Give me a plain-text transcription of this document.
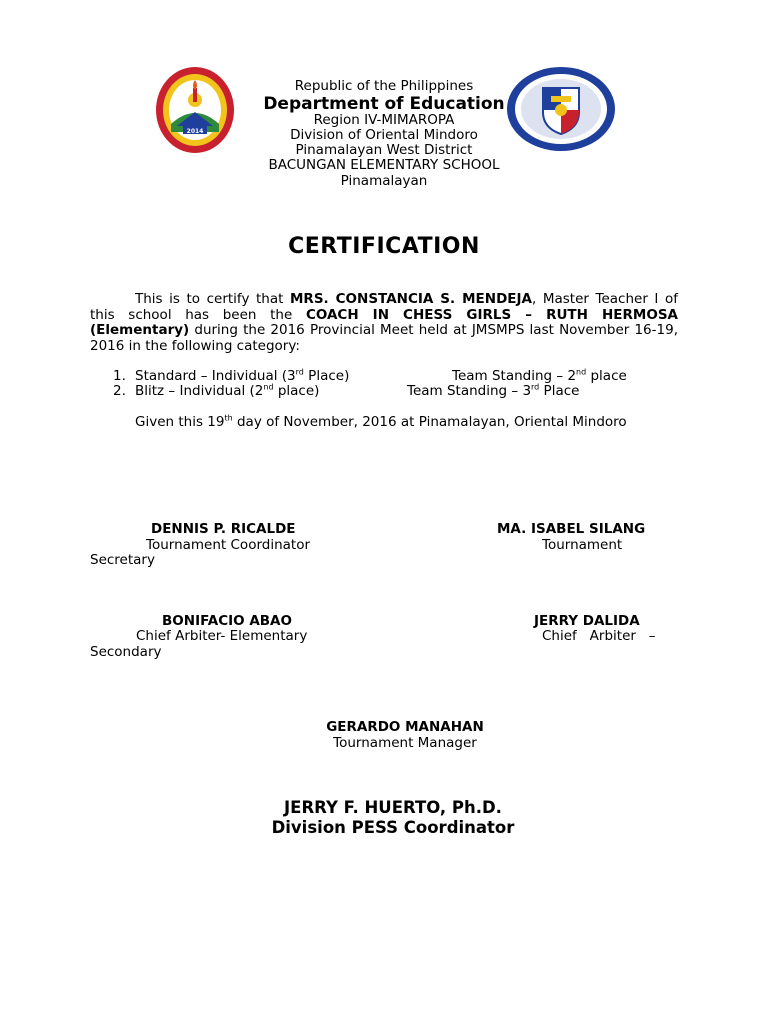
2014
Republic of the Philippines
Department of Education
Region IV-MIMAROPA
Division of Oriental Mindoro
Pinamalayan West District
BACUNGAN ELEMENTARY SCHOOL
Pinamalayan
CERTIFICATION
This is to certify that MRS. CONSTANCIA S. MENDEJA, Master Teacher I of this school has been the COACH IN CHESS GIRLS – RUTH HERMOSA (Elementary) during the 2016 Provincial Meet held at JMSMPS last November 16-19, 2016 in the following category:
1. Standard – Individual (3rd Place)	Team Standing – 2nd place
2. Blitz – Individual (2nd place)	Team Standing – 3rd Place
Given this 19th day of November, 2016 at Pinamalayan, Oriental Mindoro
DENNIS P. RICALDE
Tournament Coordinator
MA. ISABEL SILANG
Tournament
Secretary
BONIFACIO ABAO
Chief Arbiter- Elementary
JERRY DALIDA
Chief   Arbiter   –
Secondary
GERARDO MANAHAN
Tournament Manager
JERRY F. HUERTO, Ph.D.
Division PESS Coordinator
